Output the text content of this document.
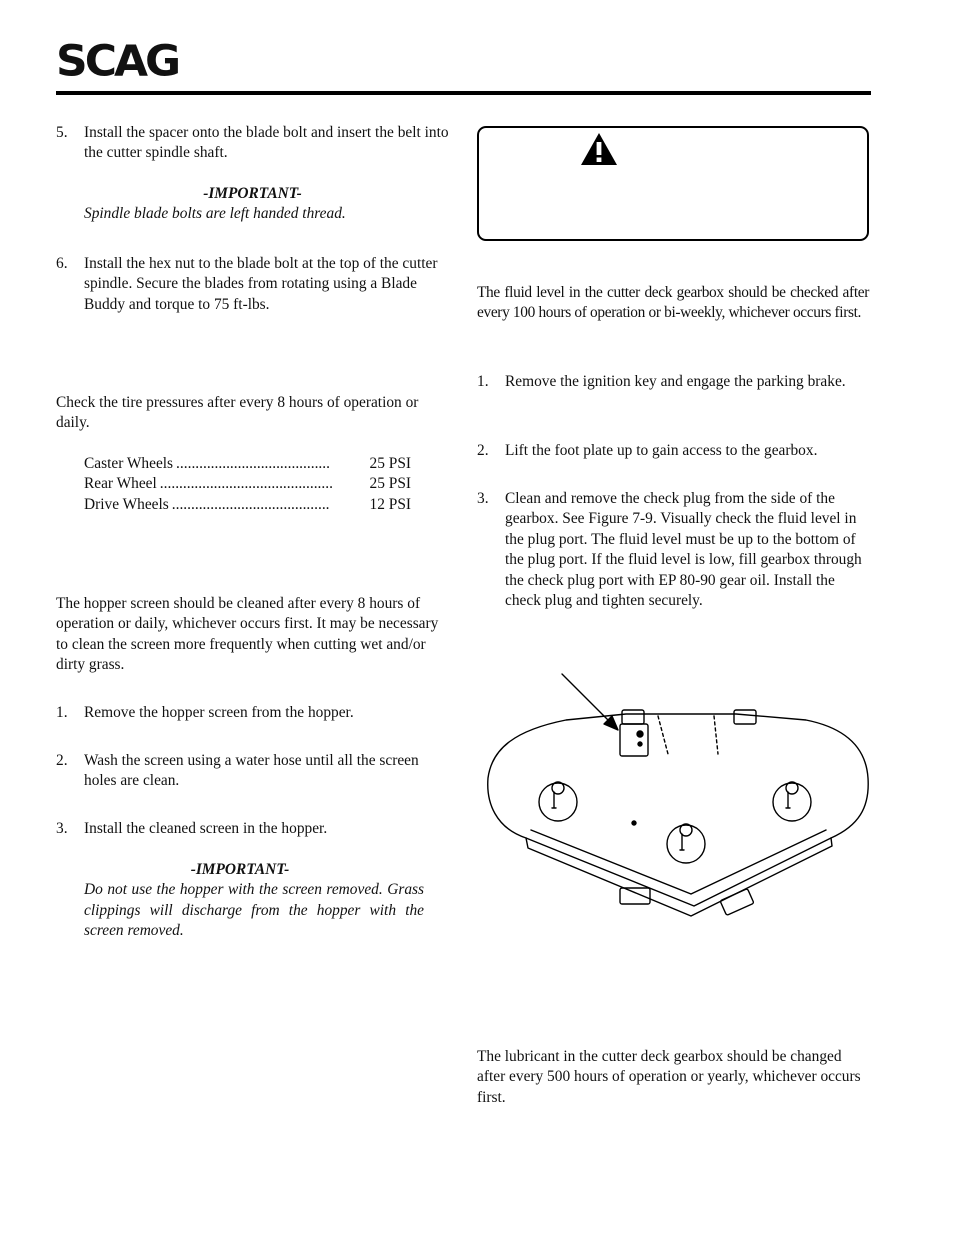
SCAG
5. Install the spacer onto the blade bolt and insert the belt into the cutter spindle shaft.
-IMPORTANT-
Spindle blade bolts are left handed thread.
6. Install the hex nut to the blade bolt at the top of the cutter spindle. Secure the blades from rotating using a Blade Buddy and torque to 75 ft-lbs.

Check the tire pressures after every 8 hours of operation or daily.

Caster Wheels ........................................	25 PSI
Rear Wheel .............................................	25 PSI
Drive Wheels .........................................	12 PSI

The hopper screen should be cleaned after every 8 hours of operation or daily, whichever occurs first. It may be necessary to clean the screen more frequently when cutting wet and/or dirty grass.

1. Remove the hopper screen from the hopper.
2. Wash the screen using a water hose until all the screen holes are clean.
3. Install the cleaned screen in the hopper.
-IMPORTANT-
Do not use the hopper with the screen removed. Grass clippings will discharge from the hopper with the screen removed.

The fluid level in the cutter deck gearbox should be checked after every 100 hours of operation or bi-weekly, whichever occurs first.

1. Remove the ignition key and engage the parking brake.
2. Lift the foot plate up to gain access to the gearbox.
3. Clean and remove the check plug from the side of the gearbox. See Figure 7-9. Visually check the fluid level in the plug port. The fluid level must be up to the bottom of the plug port. If the fluid level is low, fill gearbox through the check plug port with EP 80-90 gear oil. Install the check plug and tighten securely.

The lubricant in the cutter deck gearbox should be changed after every 500 hours of operation or yearly, whichever occurs first.
